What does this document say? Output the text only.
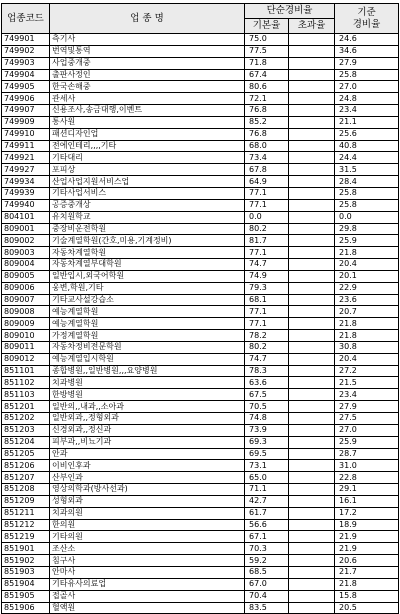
업종코드	업 종 명	단순경비율		기준
경비율
		기본율	초과율	
749901	측기사	75.0		24.6
749902	번역및통역	77.5		34.6
749903	사업중개중	71.8		27.9
749904	출판사정인	67.4		25.8
749905	한국손해중	80.6		27.0
749906	관세사	72.1		24.8
749907	신용조사,송금대행,이벤트	76.8		23.4
749909	통사원	85.2		21.1
749910	패션디자인업	76.8		25.6
749911	전에인테리,,,,기타	68.0		40.8
749921	기타대리	73.4		24.4
749927	포피상	67.8		31.5
749934	산업사업지원서비스업	64.9		28.4
749939	기타사업서비스	77.1		25.8
749940	공증중개상	77.1		25.8
804101	유치원학교	0.0		0.0
809001	중장비운전학원	80.2		29.8
809002	기술계열학원(간호,미용,기계정비)	81.7		25.9
809003	자동차계열학원	77.1		21.8
809004	자동차계열부대학원	74.7		20.4
809005	일반입시,외국어학원	74.9		20.1
809006	웅변,학원,기타	79.3		22.9
809007	기타교사설강습소	68.1		23.6
809008	예능계열학원	77.1		20.7
809009	예능계열학원	77.1		21.8
809010	가정계열학원	78.2		21.8
809011	자동차정비전문학원	80.2		30.8
809012	예능계열입시학원	74.7		20.4
851101	종합병원,,일반병원,,,요양병원	78.3		27.2
851102	치과병원	63.6		21.5
851103	한방병원	67.5		23.4
851201	일반의,,내과,,소아과	70.5		27.9
851202	일반외과,,정형외과	74.8		27.5
851203	신경외과,,정신과	73.9		27.0
851204	피부과,,비뇨기과	69.3		25.9
851205	안과	69.5		28.7
851206	이비인후과	73.1		31.0
851207	산부인과	65.0		22.8
851208	영상의학과(방사선과)	71.1		29.1
851209	성형외과	42.7		16.1
851211	치과의원	61.7		17.2
851212	한의원	56.6		18.9
851219	기타의원	67.1		21.9
851901	조산소	70.3		21.9
851902	침구사	59.2		20.6
851903	안마사	68.5		21.7
851904	기타유사의료업	67.0		21.8
851905	접골사	70.4		15.8
851906	혈액원	83.5		20.5
